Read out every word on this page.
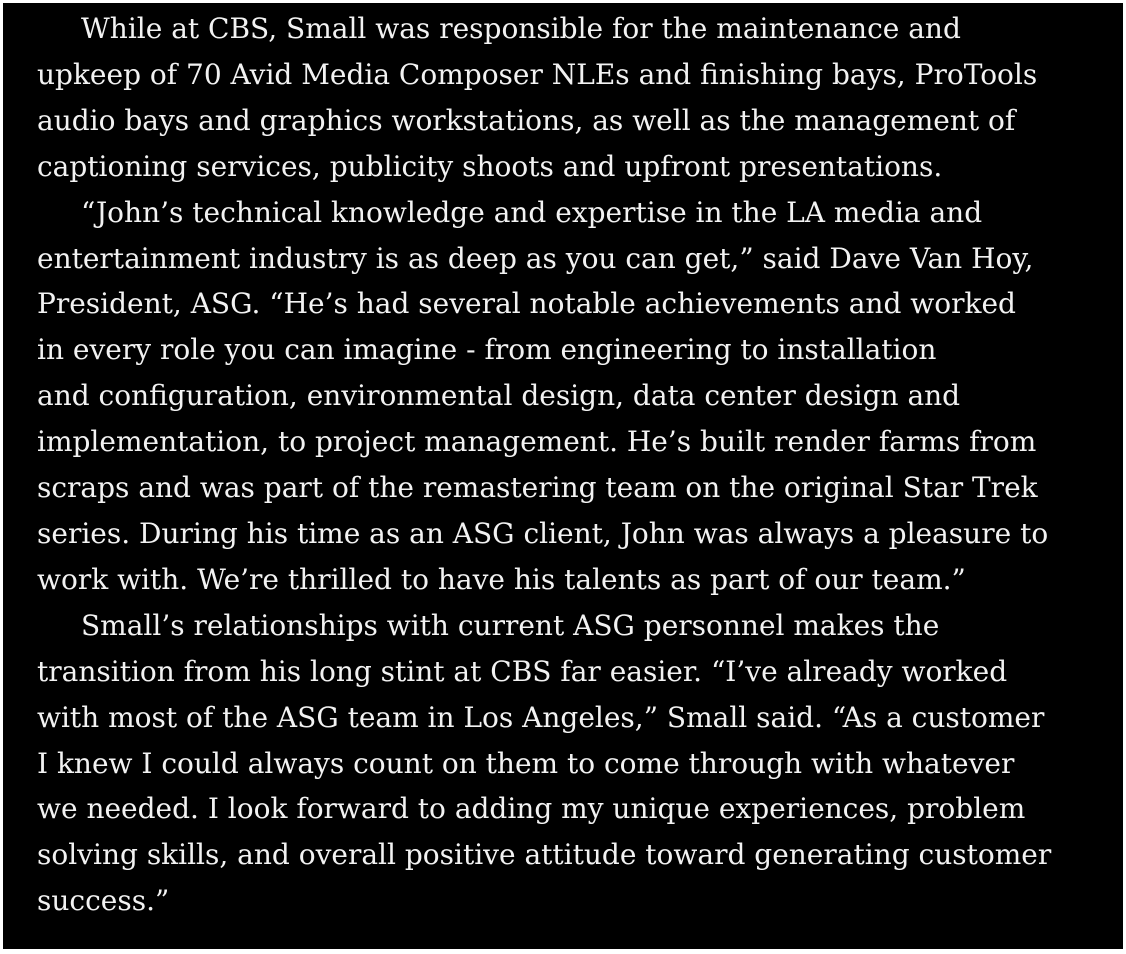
While at CBS, Small was responsible for the maintenance and
upkeep of 70 Avid Media Composer NLEs and finishing bays, ProTools
audio bays and graphics workstations, as well as the management of
captioning services, publicity shoots and upfront presentations.

“John’s technical knowledge and expertise in the LA media and
entertainment industry is as deep as you can get,” said Dave Van Hoy,
President, ASG. “He’s had several notable achievements and worked
in every role you can imagine - from engineering to installation
and configuration, environmental design, data center design and
implementation, to project management. He’s built render farms from
scraps and was part of the remastering team on the original Star Trek
series. During his time as an ASG client, John was always a pleasure to
work with. We’re thrilled to have his talents as part of our team.”

Small’s relationships with current ASG personnel makes the
transition from his long stint at CBS far easier. “I’ve already worked
with most of the ASG team in Los Angeles,” Small said. “As a customer
I knew I could always count on them to come through with whatever
we needed. I look forward to adding my unique experiences, problem
solving skills, and overall positive attitude toward generating customer
success.”
